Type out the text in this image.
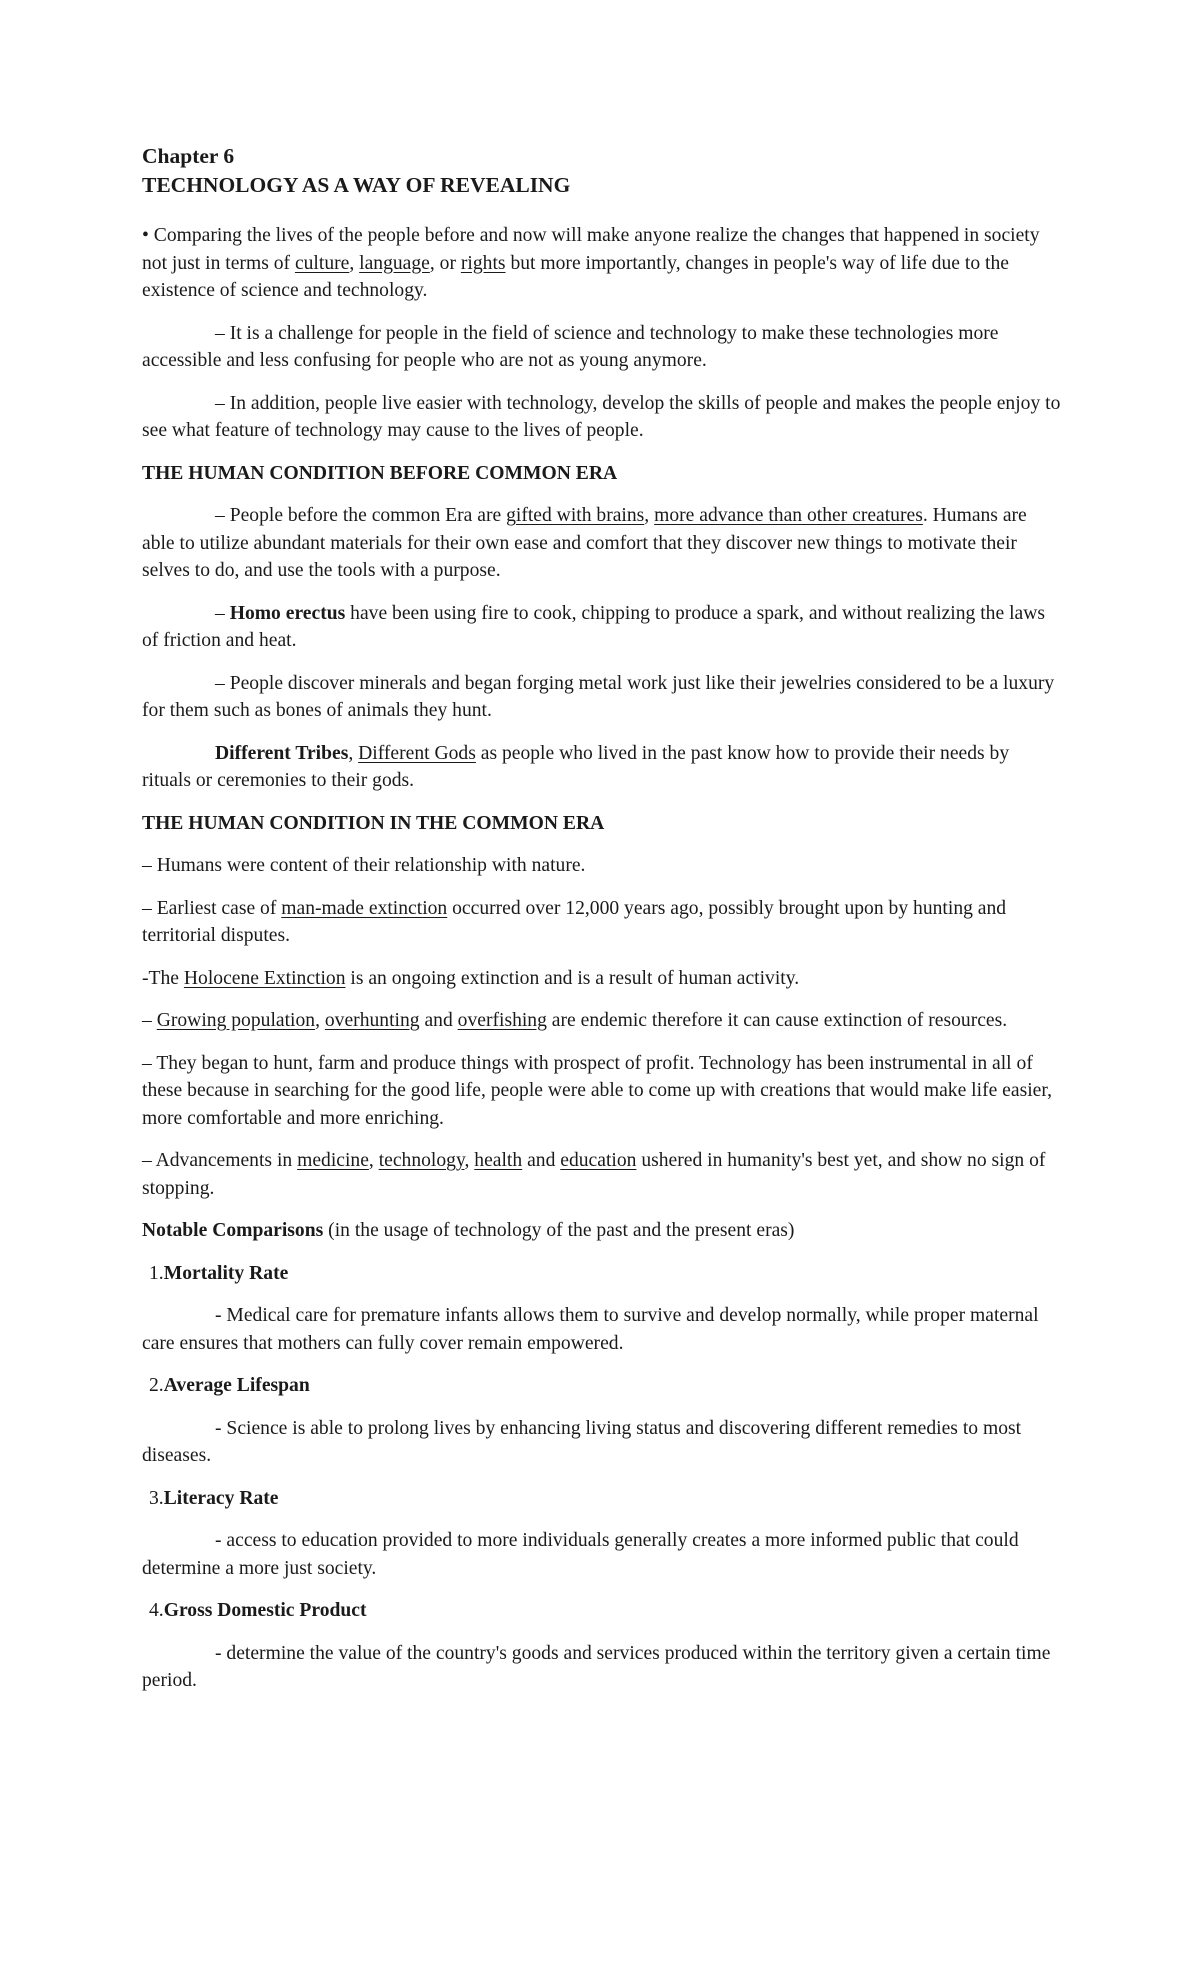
Chapter 6
TECHNOLOGY AS A WAY OF REVEALING

• Comparing the lives of the people before and now will make anyone realize the changes that happened in society not just in terms of culture, language, or rights but more importantly, changes in people's way of life due to the existence of science and technology.

– It is a challenge for people in the field of science and technology to make these technologies more accessible and less confusing for people who are not as young anymore.

– In addition, people live easier with technology, develop the skills of people and makes the people enjoy to see what feature of technology may cause to the lives of people.

THE HUMAN CONDITION BEFORE COMMON ERA

– People before the common Era are gifted with brains, more advance than other creatures. Humans are able to utilize abundant materials for their own ease and comfort that they discover new things to motivate their selves to do, and use the tools with a purpose.

– Homo erectus have been using fire to cook, chipping to produce a spark, and without realizing the laws of friction and heat.

– People discover minerals and began forging metal work just like their jewelries considered to be a luxury for them such as bones of animals they hunt.

Different Tribes, Different Gods as people who lived in the past know how to provide their needs by rituals or ceremonies to their gods.

THE HUMAN CONDITION IN THE COMMON ERA

– Humans were content of their relationship with nature.

– Earliest case of man-made extinction occurred over 12,000 years ago, possibly brought upon by hunting and territorial disputes.

-The Holocene Extinction is an ongoing extinction and is a result of human activity.

– Growing population, overhunting and overfishing are endemic therefore it can cause extinction of resources.

– They began to hunt, farm and produce things with prospect of profit. Technology has been instrumental in all of these because in searching for the good life, people were able to come up with creations that would make life easier, more comfortable and more enriching.

– Advancements in medicine, technology, health and education ushered in humanity's best yet, and show no sign of stopping.

Notable Comparisons (in the usage of technology of the past and the present eras)

1.Mortality Rate

- Medical care for premature infants allows them to survive and develop normally, while proper maternal care ensures that mothers can fully cover remain empowered.

2.Average Lifespan

- Science is able to prolong lives by enhancing living status and discovering different remedies to most diseases.

3.Literacy Rate

- access to education provided to more individuals generally creates a more informed public that could determine a more just society.

4.Gross Domestic Product

- determine the value of the country's goods and services produced within the territory given a certain time period.
